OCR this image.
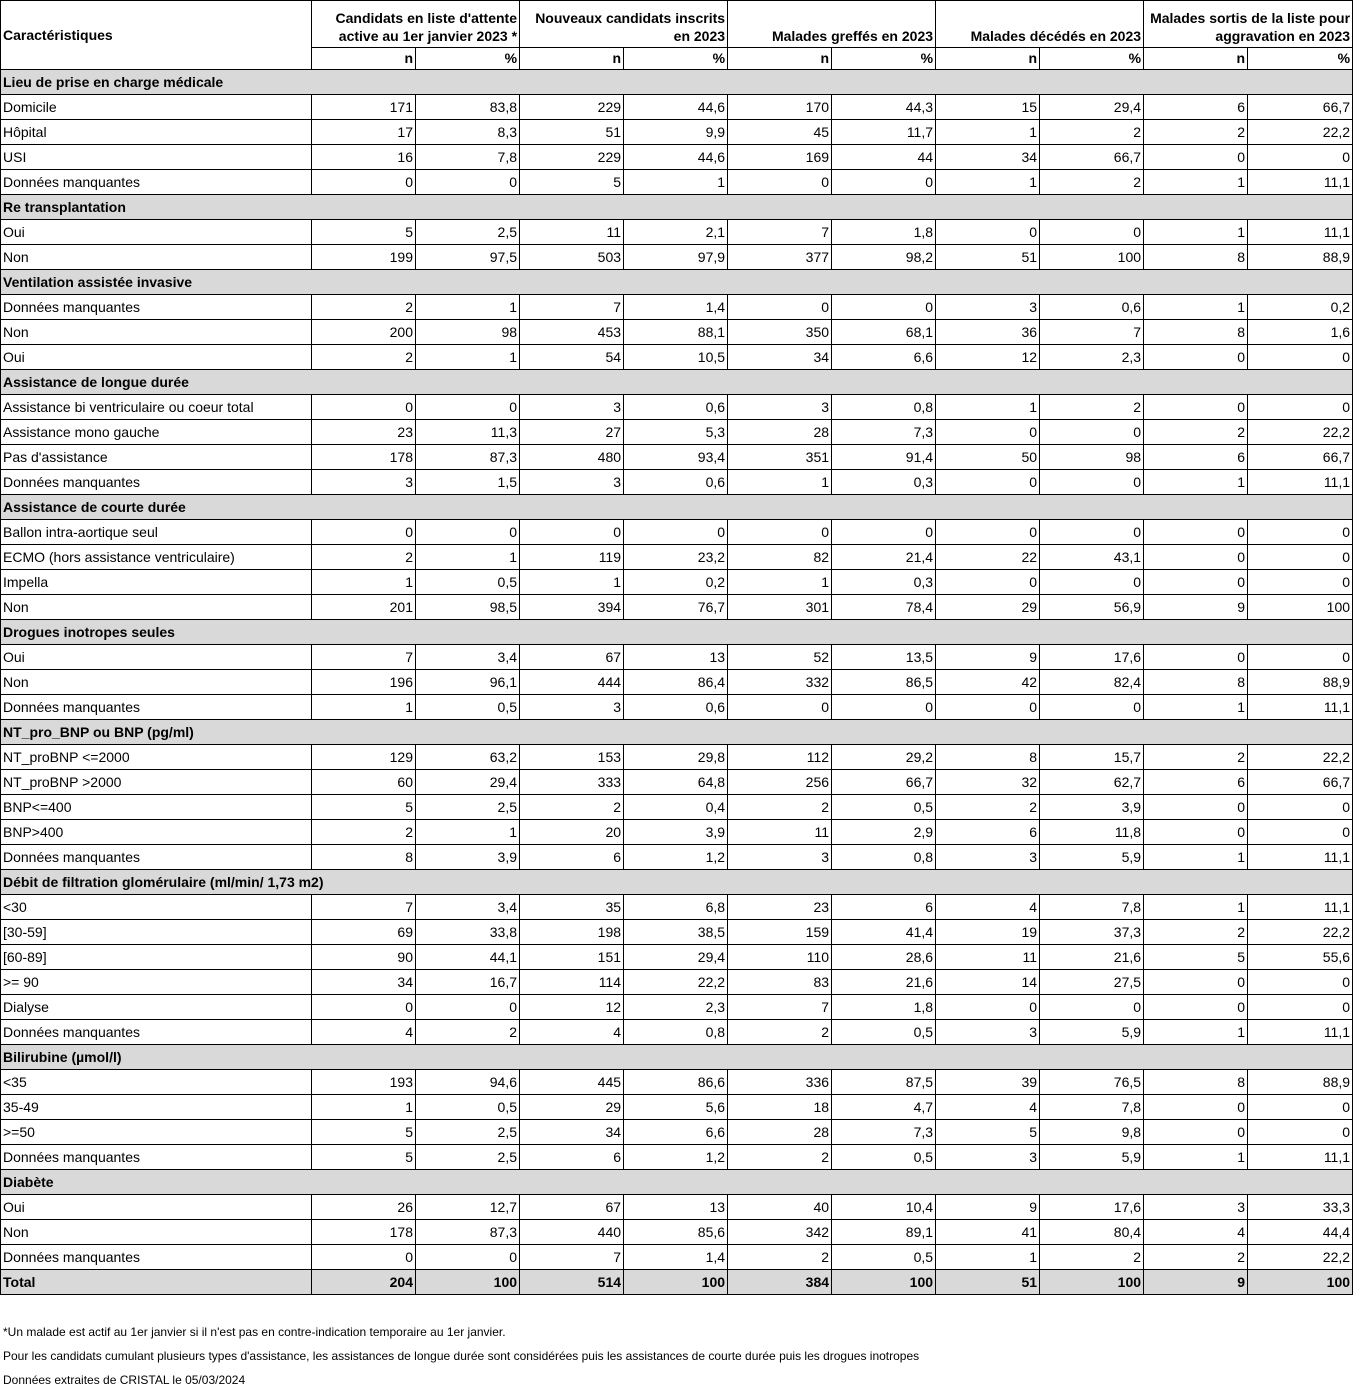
Caractéristiques	Candidats en liste d'attente active au 1er janvier 2023 *		Nouveaux candidats inscrits en 2023		Malades greffés en 2023		Malades décédés en 2023		Malades sortis de la liste pour aggravation en 2023	
	n	%	n	%	n	%	n	%	n	%
Lieu de prise en charge médicale										
Domicile	171	83,8	229	44,6	170	44,3	15	29,4	6	66,7
Hôpital	17	8,3	51	9,9	45	11,7	1	2	2	22,2
USI	16	7,8	229	44,6	169	44	34	66,7	0	0
Données manquantes	0	0	5	1	0	0	1	2	1	11,1
Re transplantation										
Oui	5	2,5	11	2,1	7	1,8	0	0	1	11,1
Non	199	97,5	503	97,9	377	98,2	51	100	8	88,9
Ventilation assistée invasive										
Données manquantes	2	1	7	1,4	0	0	3	0,6	1	0,2
Non	200	98	453	88,1	350	68,1	36	7	8	1,6
Oui	2	1	54	10,5	34	6,6	12	2,3	0	0
Assistance de longue durée										
Assistance bi ventriculaire ou coeur total	0	0	3	0,6	3	0,8	1	2	0	0
Assistance mono gauche	23	11,3	27	5,3	28	7,3	0	0	2	22,2
Pas d'assistance	178	87,3	480	93,4	351	91,4	50	98	6	66,7
Données manquantes	3	1,5	3	0,6	1	0,3	0	0	1	11,1
Assistance de courte durée										
Ballon intra-aortique seul	0	0	0	0	0	0	0	0	0	0
ECMO (hors assistance ventriculaire)	2	1	119	23,2	82	21,4	22	43,1	0	0
Impella	1	0,5	1	0,2	1	0,3	0	0	0	0
Non	201	98,5	394	76,7	301	78,4	29	56,9	9	100
Drogues inotropes seules										
Oui	7	3,4	67	13	52	13,5	9	17,6	0	0
Non	196	96,1	444	86,4	332	86,5	42	82,4	8	88,9
Données manquantes	1	0,5	3	0,6	0	0	0	0	1	11,1
NT_pro_BNP ou BNP (pg/ml)										
NT_proBNP <=2000	129	63,2	153	29,8	112	29,2	8	15,7	2	22,2
NT_proBNP >2000	60	29,4	333	64,8	256	66,7	32	62,7	6	66,7
BNP<=400	5	2,5	2	0,4	2	0,5	2	3,9	0	0
BNP>400	2	1	20	3,9	11	2,9	6	11,8	0	0
Données manquantes	8	3,9	6	1,2	3	0,8	3	5,9	1	11,1
Débit de filtration glomérulaire (ml/min/ 1,73 m2)										
<30	7	3,4	35	6,8	23	6	4	7,8	1	11,1
[30-59]	69	33,8	198	38,5	159	41,4	19	37,3	2	22,2
[60-89]	90	44,1	151	29,4	110	28,6	11	21,6	5	55,6
>= 90	34	16,7	114	22,2	83	21,6	14	27,5	0	0
Dialyse	0	0	12	2,3	7	1,8	0	0	0	0
Données manquantes	4	2	4	0,8	2	0,5	3	5,9	1	11,1
Bilirubine (µmol/l)										
<35	193	94,6	445	86,6	336	87,5	39	76,5	8	88,9
35-49	1	0,5	29	5,6	18	4,7	4	7,8	0	0
>=50	5	2,5	34	6,6	28	7,3	5	9,8	0	0
Données manquantes	5	2,5	6	1,2	2	0,5	3	5,9	1	11,1
Diabète										
Oui	26	12,7	67	13	40	10,4	9	17,6	3	33,3
Non	178	87,3	440	85,6	342	89,1	41	80,4	4	44,4
Données manquantes	0	0	7	1,4	2	0,5	1	2	2	22,2
Total	204	100	514	100	384	100	51	100	9	100
*Un malade est actif au 1er janvier si il n'est pas en contre-indication temporaire au 1er janvier.
Pour les candidats cumulant plusieurs types d'assistance, les assistances de longue durée sont considérées puis les assistances de courte durée puis les drogues inotropes
Données extraites de CRISTAL le 05/03/2024
